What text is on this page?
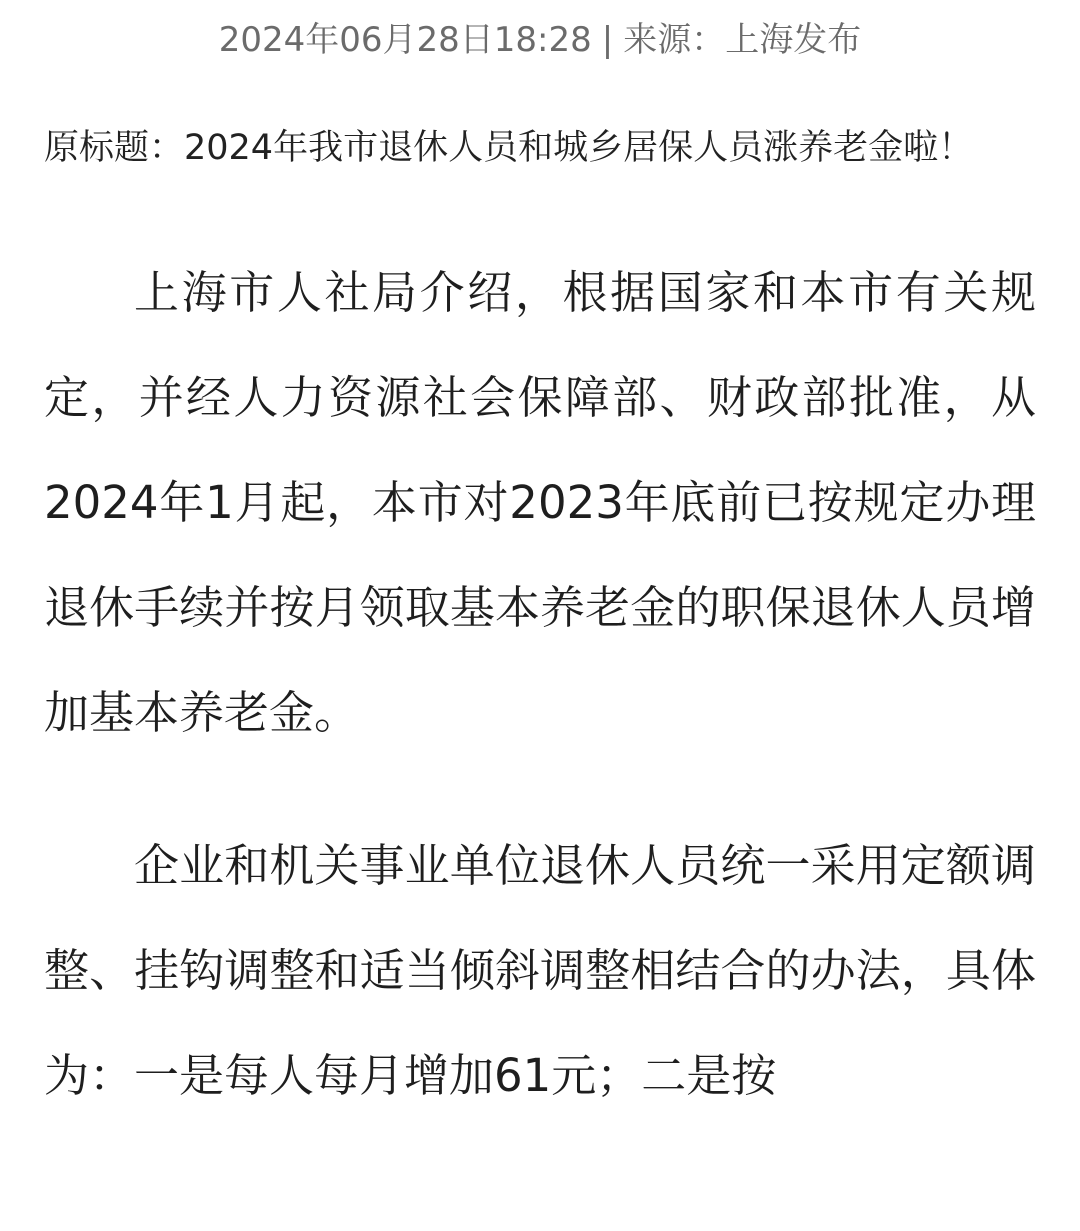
2024年06月28日18:28 | 来源：上海发布
原标题：2024年我市退休人员和城乡居保人员涨养老金啦！
上海市人社局介绍，根据国家和本市有关规定，并经人力资源社会保障部、财政部批准，从2024年1月起，本市对2023年底前已按规定办理退休手续并按月领取基本养老金的职保退休人员增加基本养老金。
企业和机关事业单位退休人员统一采用定额调整、挂钩调整和适当倾斜调整相结合的办法，具体为：一是每人每月增加61元；二是按
